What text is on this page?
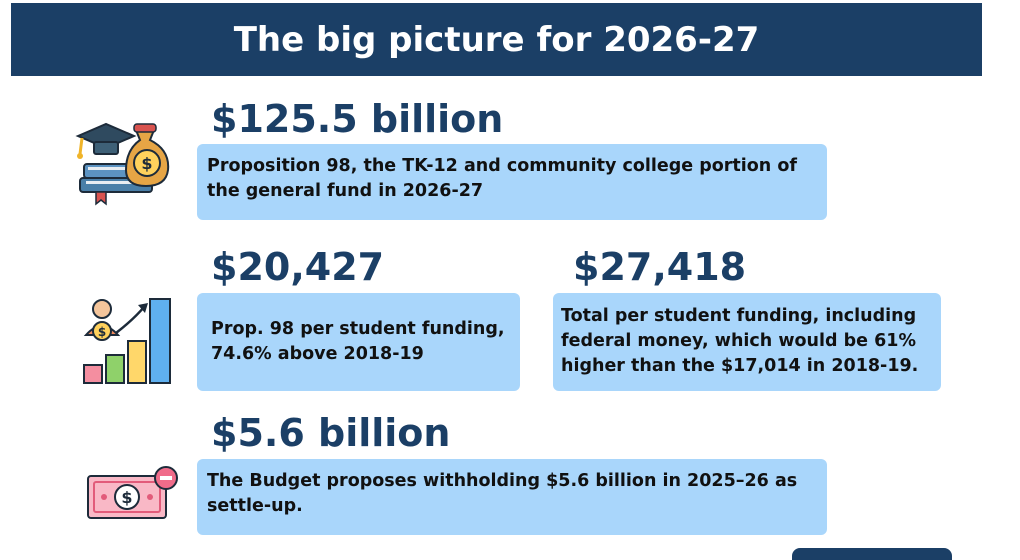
The big picture for 2026-27
$
$125.5 billion
Proposition 98, the TK-12 and community college portion of the general fund in 2026-27
$
$20,427
Prop. 98 per student funding, 74.6% above 2018-19
$27,418
Total per student funding, including federal money, which would be 61% higher than the $17,014 in 2018-19.
$
$5.6 billion
The Budget proposes withholding $5.6 billion in 2025–26 as settle-up.
